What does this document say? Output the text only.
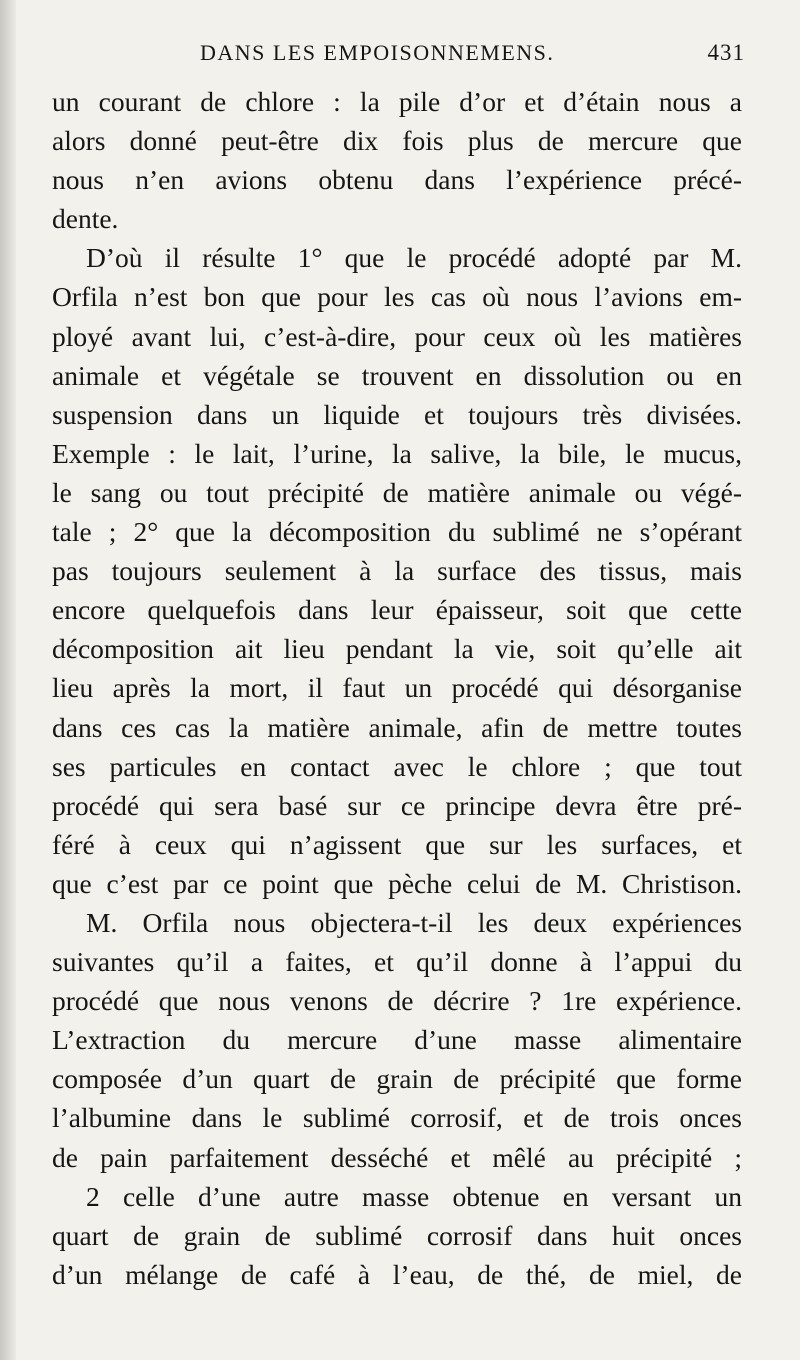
DANS LES EMPOISONNEMENS.	431
un courant de chlore : la pile d’or et d’étain nous a
alors donné peut-être dix fois plus de mercure que
nous n’en avions obtenu dans l’expérience précé-
dente.
D’où il résulte 1° que le procédé adopté par M.
Orfila n’est bon que pour les cas où nous l’avions em-
ployé avant lui, c’est-à-dire, pour ceux où les matières
animale et végétale se trouvent en dissolution ou en
suspension dans un liquide et toujours très divisées.
Exemple : le lait, l’urine, la salive, la bile, le mucus,
le sang ou tout précipité de matière animale ou végé-
tale ; 2° que la décomposition du sublimé ne s’opérant
pas toujours seulement à la surface des tissus, mais
encore quelquefois dans leur épaisseur, soit que cette
décomposition ait lieu pendant la vie, soit qu’elle ait
lieu après la mort, il faut un procédé qui désorganise
dans ces cas la matière animale, afin de mettre toutes
ses particules en contact avec le chlore ; que tout
procédé qui sera basé sur ce principe devra être pré-
féré à ceux qui n’agissent que sur les surfaces, et
que c’est par ce point que pèche celui de M. Christison.
M. Orfila nous objectera-t-il les deux expériences
suivantes qu’il a faites, et qu’il donne à l’appui du
procédé que nous venons de décrire ? 1re expérience.
L’extraction du mercure d’une masse alimentaire
composée d’un quart de grain de précipité que forme
l’albumine dans le sublimé corrosif, et de trois onces
de pain parfaitement desséché et mêlé au précipité ;
2 celle d’une autre masse obtenue en versant un
quart de grain de sublimé corrosif dans huit onces
d’un mélange de café à l’eau, de thé, de miel, de
